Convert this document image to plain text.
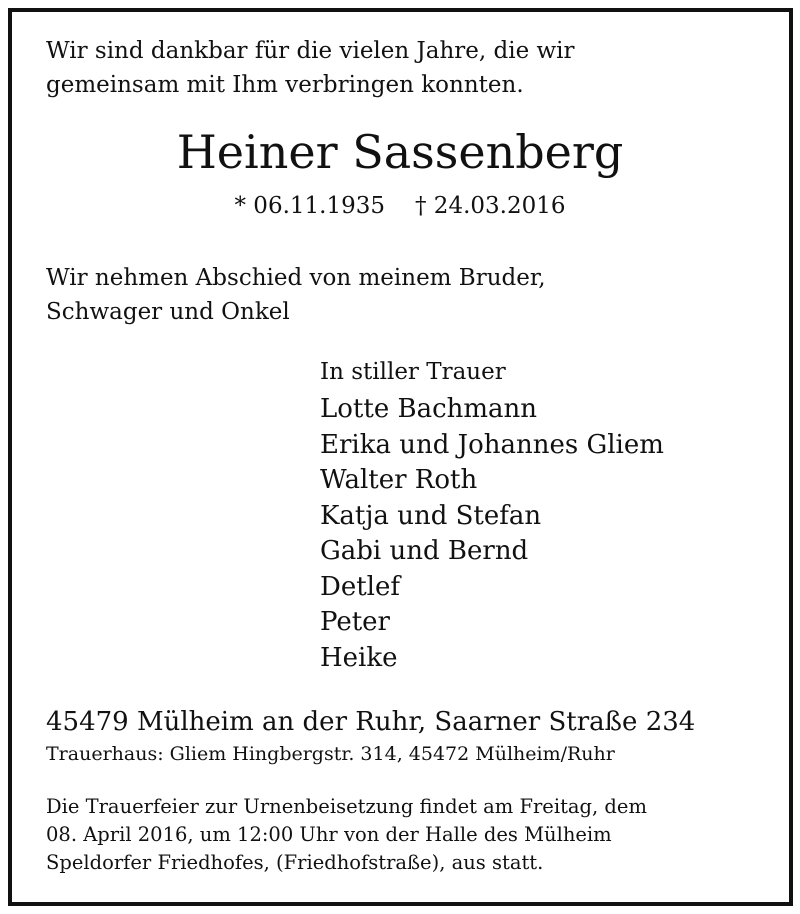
Wir sind dankbar für die vielen Jahre, die wir
gemeinsam mit Ihm verbringen konnten.
Heiner Sassenberg
* 06.11.1935 † 24.03.2016
Wir nehmen Abschied von meinem Bruder,
Schwager und Onkel
In stiller Trauer
Lotte Bachmann
Erika und Johannes Gliem
Walter Roth
Katja und Stefan
Gabi und Bernd
Detlef
Peter
Heike
45479 Mülheim an der Ruhr, Saarner Straße 234
Trauerhaus: Gliem Hingbergstr. 314, 45472 Mülheim/Ruhr
Die Trauerfeier zur Urnenbeisetzung findet am Freitag, dem
08. April 2016, um 12:00 Uhr von der Halle des Mülheim
Speldorfer Friedhofes, (Friedhofstraße), aus statt.
